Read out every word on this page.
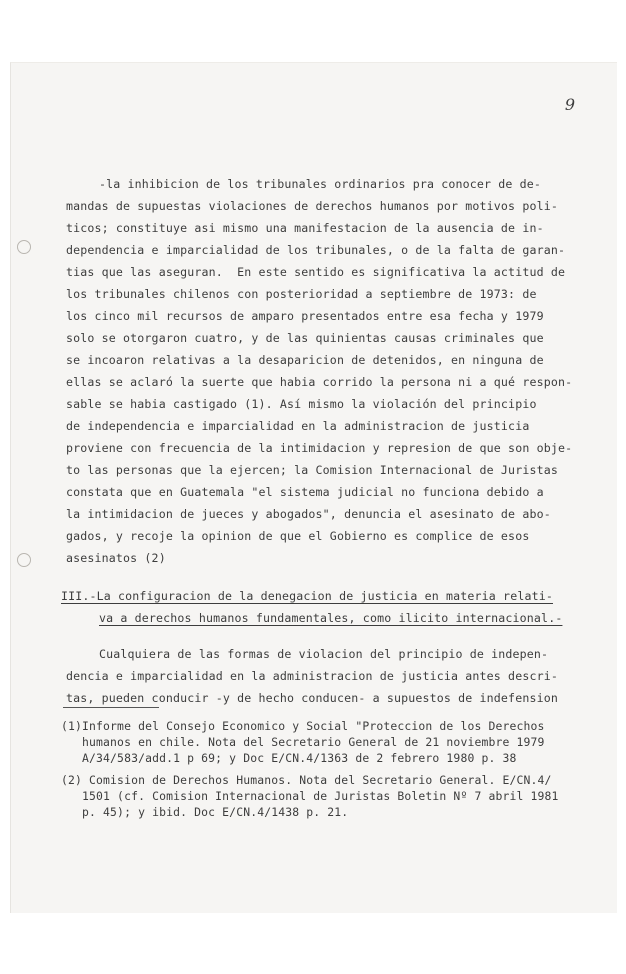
9
-la inhibicion de los tribunales ordinarios pra conocer de de-
mandas de supuestas violaciones de derechos humanos por motivos poli-
ticos; constituye asi mismo una manifestacion de la ausencia de in-
dependencia e imparcialidad de los tribunales, o de la falta de garan-
tias que las aseguran.  En este sentido es significativa la actitud de
los tribunales chilenos con posterioridad a septiembre de 1973: de
los cinco mil recursos de amparo presentados entre esa fecha y 1979
solo se otorgaron cuatro, y de las quinientas causas criminales que
se incoaron relativas a la desaparicion de detenidos, en ninguna de
ellas se aclaró la suerte que habia corrido la persona ni a qué respon-
sable se habia castigado (1). Así mismo la violación del principio
de independencia e imparcialidad en la administracion de justicia
proviene con frecuencia de la intimidacion y represion de que son obje-
to las personas que la ejercen; la Comision Internacional de Juristas
constata que en Guatemala "el sistema judicial no funciona debido a
la intimidacion de jueces y abogados", denuncia el asesinato de abo-
gados, y recoje la opinion de que el Gobierno es complice de esos
asesinatos (2)
III.-La configuracion de la denegacion de justicia en materia relati-
va a derechos humanos fundamentales, como ilicito internacional.-
Cualquiera de las formas de violacion del principio de indepen-
dencia e imparcialidad en la administracion de justicia antes descri-
tas, pueden conducir -y de hecho conducen- a supuestos de indefension
(1)Informe del Consejo Economico y Social "Proteccion de los Derechos
humanos en chile. Nota del Secretario General de 21 noviembre 1979
A/34/583/add.1 p 69; y Doc E/CN.4/1363 de 2 febrero 1980 p. 38
(2) Comision de Derechos Humanos. Nota del Secretario General. E/CN.4/
1501 (cf. Comision Internacional de Juristas Boletin Nº 7 abril 1981
p. 45); y ibid. Doc E/CN.4/1438 p. 21.
